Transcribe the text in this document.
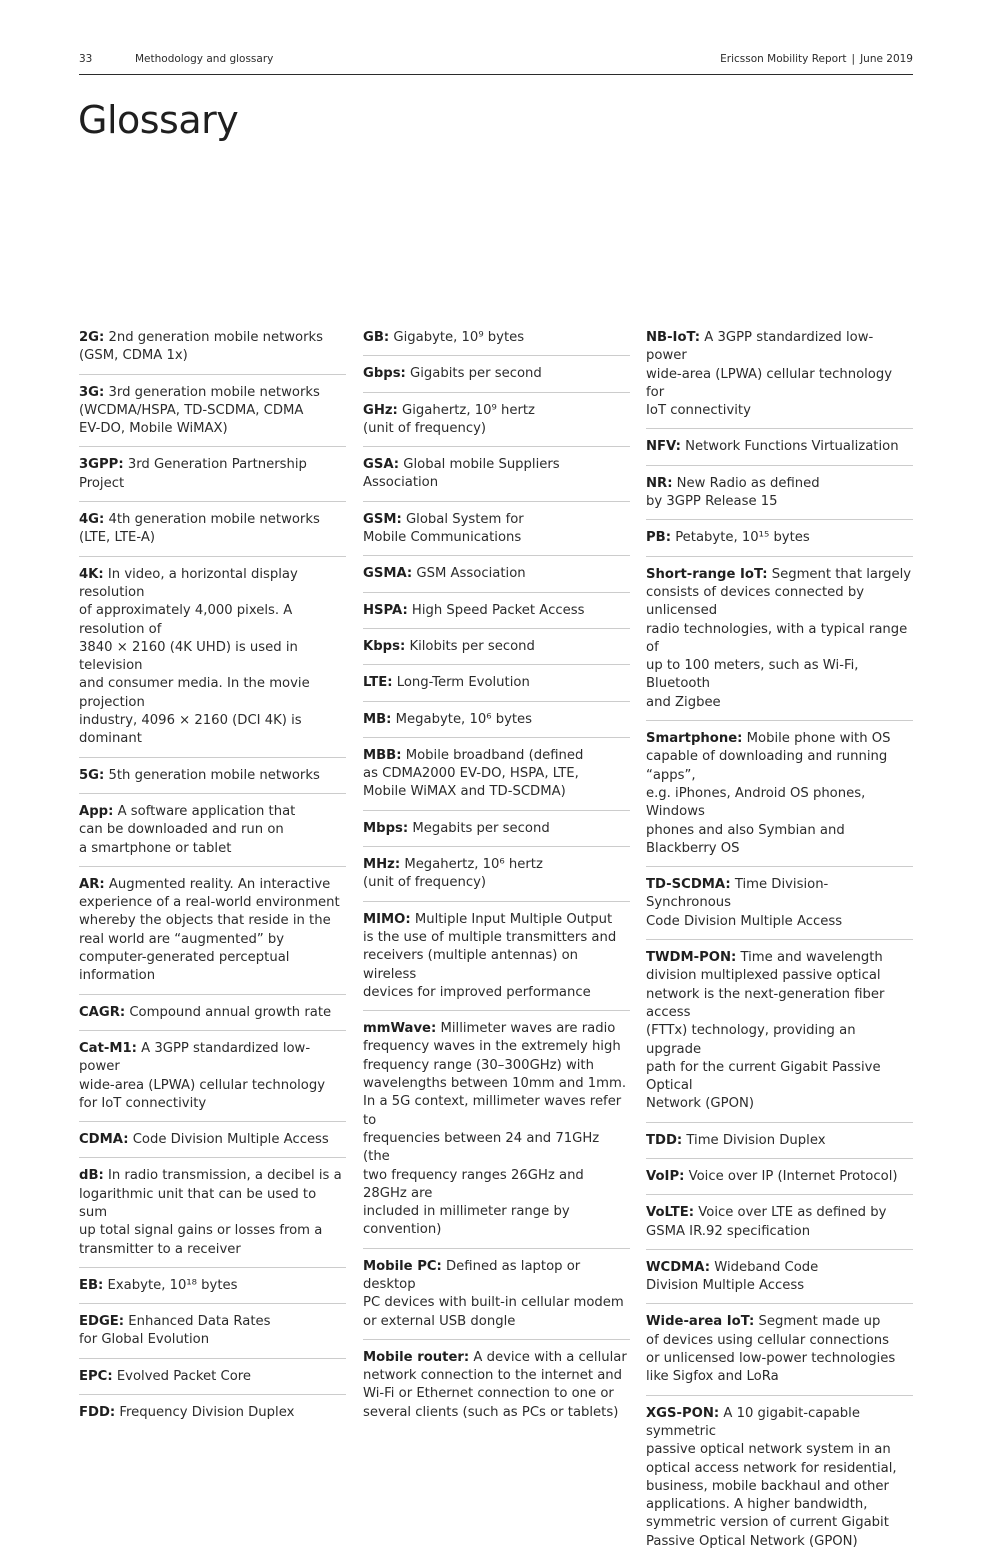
33	Methodology and glossary	Ericsson Mobility Report | June 2019
Glossary
2G: 2nd generation mobile networks
(GSM, CDMA 1x)
3G: 3rd generation mobile networks
(WCDMA/HSPA, TD-SCDMA, CDMA
EV-DO, Mobile WiMAX)
3GPP: 3rd Generation Partnership Project
4G: 4th generation mobile networks
(LTE, LTE-A)
4K: In video, a horizontal display resolution
of approximately 4,000 pixels. A resolution of
3840 × 2160 (4K UHD) is used in television
and consumer media. In the movie projection
industry, 4096 × 2160 (DCI 4K) is dominant
5G: 5th generation mobile networks
App: A software application that
can be downloaded and run on
a smartphone or tablet
AR: Augmented reality. An interactive
experience of a real-world environment
whereby the objects that reside in the
real world are “augmented” by
computer-generated perceptual information
CAGR: Compound annual growth rate
Cat-M1: A 3GPP standardized low-power
wide-area (LPWA) cellular technology
for IoT connectivity
CDMA: Code Division Multiple Access
dB: In radio transmission, a decibel is a
logarithmic unit that can be used to sum
up total signal gains or losses from a
transmitter to a receiver
EB: Exabyte, 10¹⁸ bytes
EDGE: Enhanced Data Rates
for Global Evolution
EPC: Evolved Packet Core
FDD: Frequency Division Duplex
GB: Gigabyte, 10⁹ bytes
Gbps: Gigabits per second
GHz: Gigahertz, 10⁹ hertz
(unit of frequency)
GSA: Global mobile Suppliers Association
GSM: Global System for
Mobile Communications
GSMA: GSM Association
HSPA: High Speed Packet Access
Kbps: Kilobits per second
LTE: Long-Term Evolution
MB: Megabyte, 10⁶ bytes
MBB: Mobile broadband (defined
as CDMA2000 EV-DO, HSPA, LTE,
Mobile WiMAX and TD-SCDMA)
Mbps: Megabits per second
MHz: Megahertz, 10⁶ hertz
(unit of frequency)
MIMO: Multiple Input Multiple Output
is the use of multiple transmitters and
receivers (multiple antennas) on wireless
devices for improved performance
mmWave: Millimeter waves are radio
frequency waves in the extremely high
frequency range (30–300GHz) with
wavelengths between 10mm and 1mm.
In a 5G context, millimeter waves refer to
frequencies between 24 and 71GHz (the
two frequency ranges 26GHz and 28GHz are
included in millimeter range by convention)
Mobile PC: Defined as laptop or desktop
PC devices with built-in cellular modem
or external USB dongle
Mobile router: A device with a cellular
network connection to the internet and
Wi-Fi or Ethernet connection to one or
several clients (such as PCs or tablets)
NB-IoT: A 3GPP standardized low-power
wide-area (LPWA) cellular technology for
IoT connectivity
NFV: Network Functions Virtualization
NR: New Radio as defined
by 3GPP Release 15
PB: Petabyte, 10¹⁵ bytes
Short-range IoT: Segment that largely
consists of devices connected by unlicensed
radio technologies, with a typical range of
up to 100 meters, such as Wi-Fi, Bluetooth
and Zigbee
Smartphone: Mobile phone with OS
capable of downloading and running “apps”,
e.g. iPhones, Android OS phones, Windows
phones and also Symbian and Blackberry OS
TD-SCDMA: Time Division-Synchronous
Code Division Multiple Access
TWDM-PON: Time and wavelength
division multiplexed passive optical
network is the next-generation fiber access
(FTTx) technology, providing an upgrade
path for the current Gigabit Passive Optical
Network (GPON)
TDD: Time Division Duplex
VoIP: Voice over IP (Internet Protocol)
VoLTE: Voice over LTE as defined by
GSMA IR.92 specification
WCDMA: Wideband Code
Division Multiple Access
Wide-area IoT: Segment made up
of devices using cellular connections
or unlicensed low-power technologies
like Sigfox and LoRa
XGS-PON: A 10 gigabit-capable symmetric
passive optical network system in an
optical access network for residential,
business, mobile backhaul and other
applications. A higher bandwidth,
symmetric version of current Gigabit
Passive Optical Network (GPON)
